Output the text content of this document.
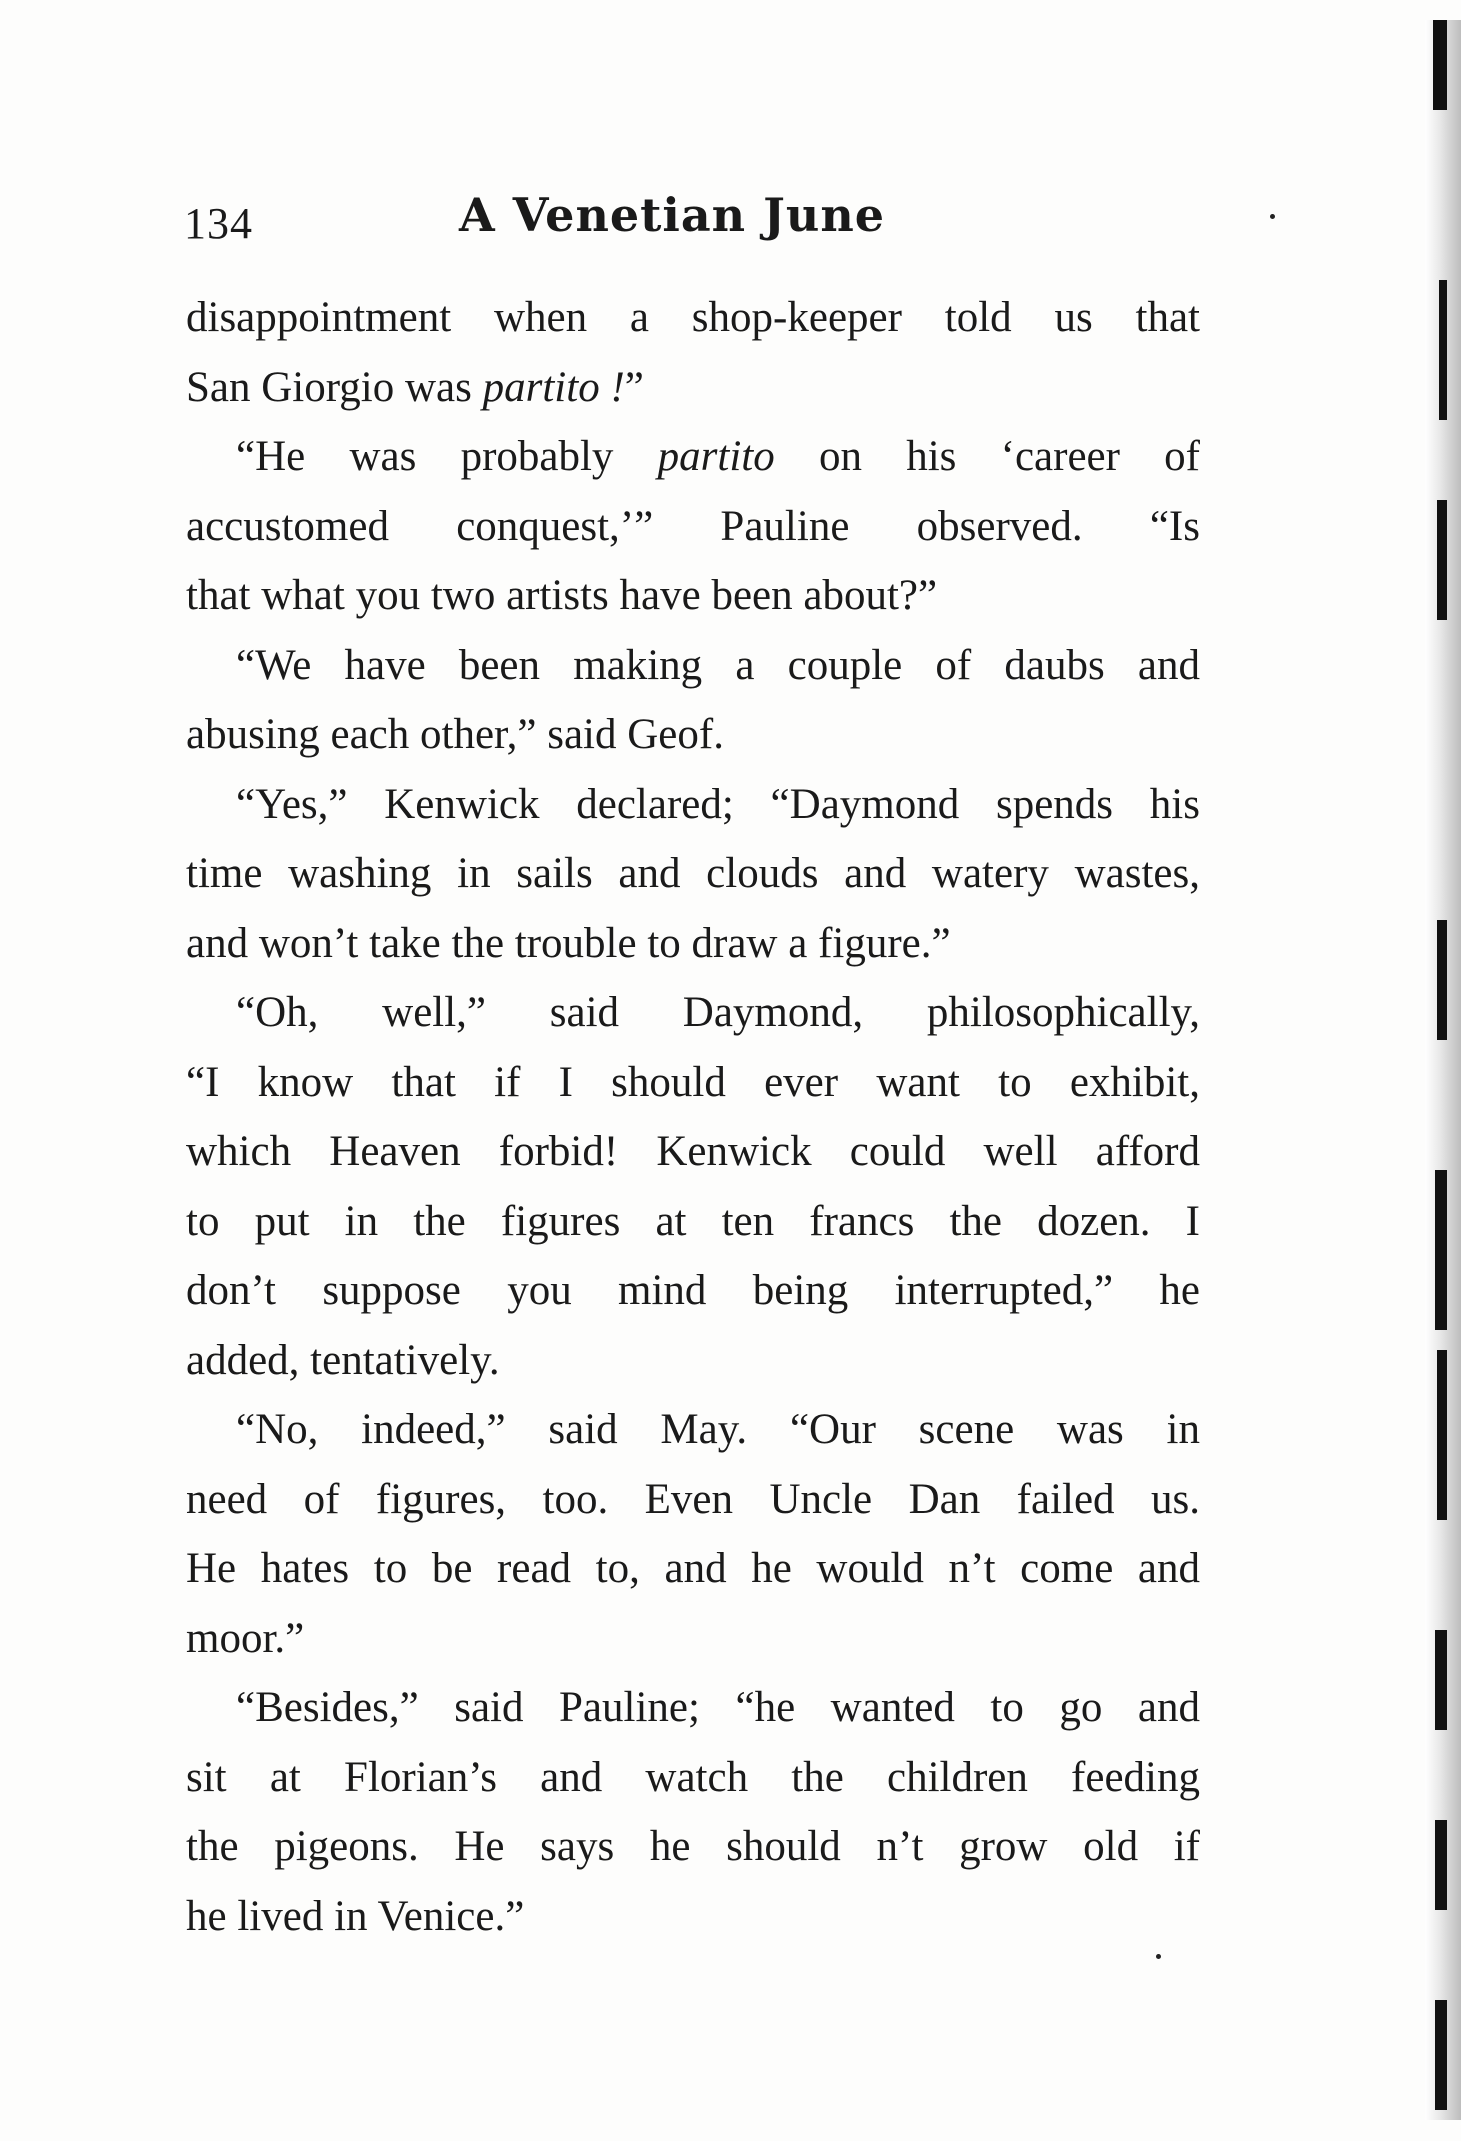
134	A Venetian June
disappointment when a shop-keeper told us that
San Giorgio was partito !”
“He was probably partito on his ‘career of
accustomed conquest,’” Pauline observed. “Is
that what you two artists have been about?”
“We have been making a couple of daubs and
abusing each other,” said Geof.
“Yes,” Kenwick declared; “Daymond spends his
time washing in sails and clouds and watery wastes,
and won’t take the trouble to draw a figure.”
“Oh, well,” said Daymond, philosophically,
“I know that if I should ever want to exhibit,
which Heaven forbid! Kenwick could well afford
to put in the figures at ten francs the dozen. I
don’t suppose you mind being interrupted,” he
added, tentatively.
“No, indeed,” said May. “Our scene was in
need of figures, too. Even Uncle Dan failed us.
He hates to be read to, and he would n’t come and
moor.”
“Besides,” said Pauline; “he wanted to go and
sit at Florian’s and watch the children feeding
the pigeons. He says he should n’t grow old if
he lived in Venice.”
